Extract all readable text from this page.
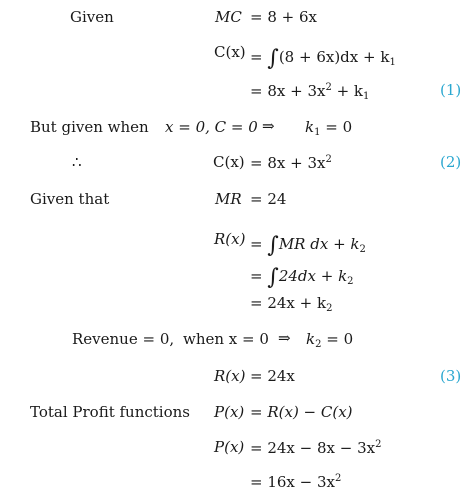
Given	MC = 8 + 6x
$C(x) = \int(8 + 6x)dx + k_1$
= $8x + 3x^2 + k_1$	(1)
But given when x = 0, C = 0 ⇒ $k_1 = 0$
∴	$C(x) = 8x + 3x^2$	(2)
Given that	MR = 24
R(x) = ∫MR dx + $k_2$
= $\int 24dx + k_2$
= $24x + k_2$
Revenue = 0, when x = 0 ⇒ $k_2 = 0$
R(x) = 24x	(3)
Total Profit functions P(x) = R(x) − C(x)
$P(x) = 24x - 8x - 3x^2$
= $16x - 3x^2$
